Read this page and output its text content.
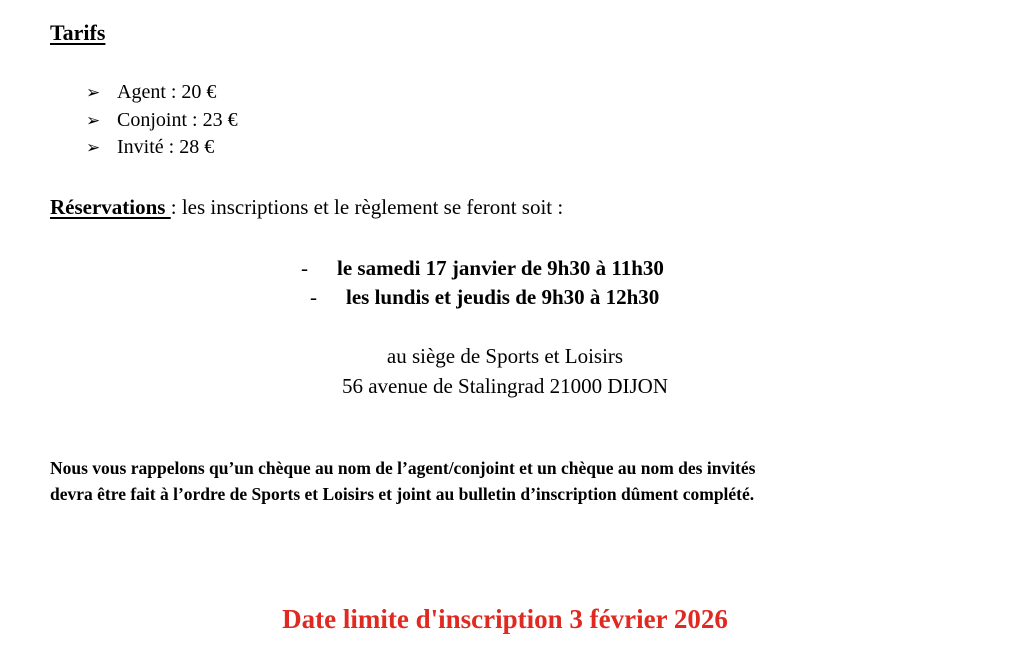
Tarifs
➢ Agent : 20 €
➢ Conjoint : 23 €
➢ Invité : 28 €
Réservations : les inscriptions et le règlement se feront soit :
- le samedi 17 janvier de 9h30 à 11h30
- les lundis et jeudis de 9h30 à 12h30
au siège de Sports et Loisirs
56 avenue de Stalingrad 21000 DIJON
Nous vous rappelons qu’un chèque au nom de l’agent/conjoint et un chèque au nom des invités
devra être fait à l’ordre de Sports et Loisirs et joint au bulletin d’inscription dûment complété.
Date limite d'inscription 3 février 2026
